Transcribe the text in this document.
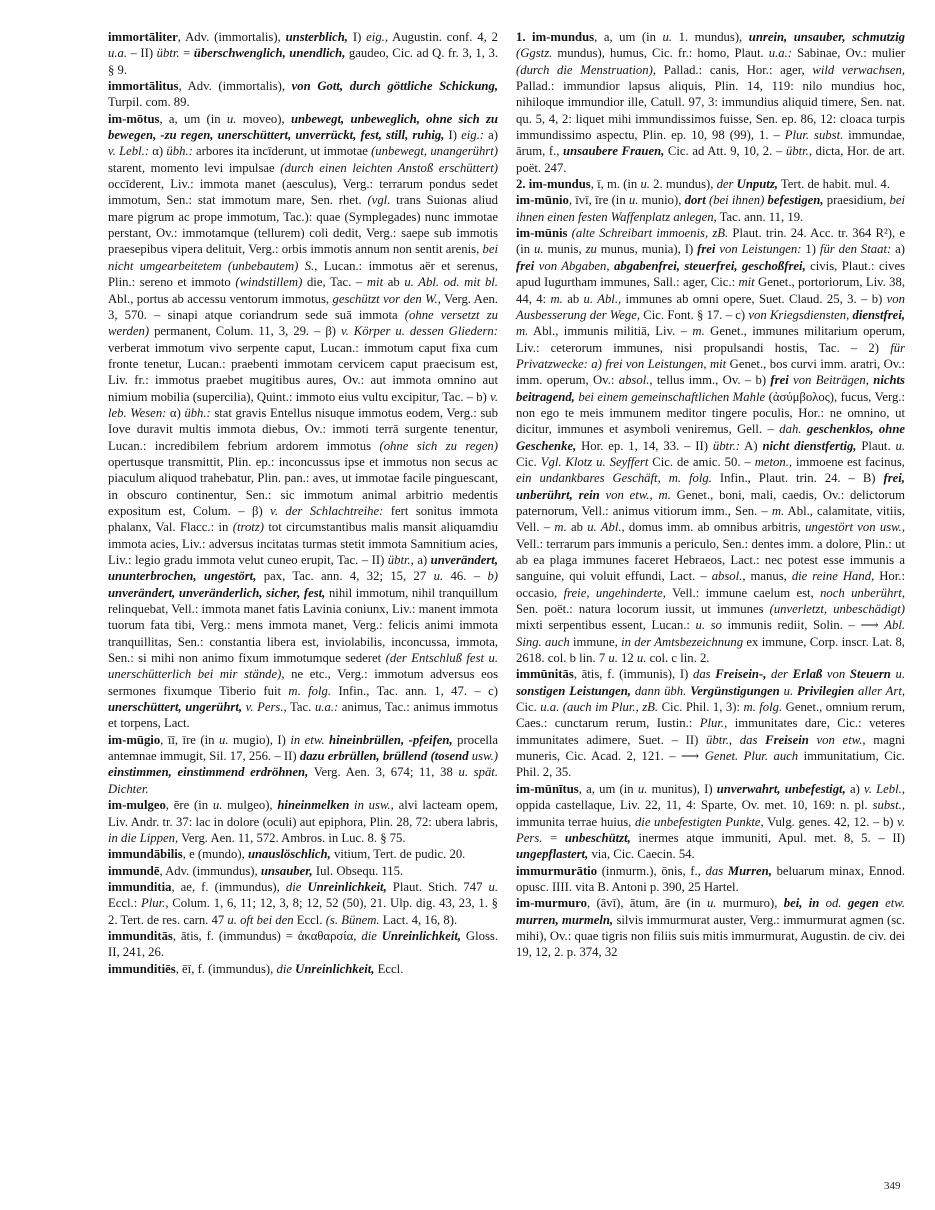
immortāliter, Adv. (immortalis), unsterblich, I) eig., Augustin. conf. 4, 2 u.a. – II) übtr. = überschwenglich, unendlich, gaudeo, Cic. ad Q. fr. 3, 1, 3. § 9.

immortālitus, Adv. (immortalis), von Gott, durch göttliche Schickung, Turpil. com. 89.

im-mōtus, a, um (in u. moveo), unbewegt, unbeweglich, ohne sich zu bewegen, -zu regen, unerschüttert, unverrückt, fest, still, ruhig, I) eig.: a) v. Lebl.: α) übh.: arbores ita incīderunt, ut immotae (unbewegt, unangerührt) starent, momento levi impulsae (durch einen leichten Anstoß erschüttert) occīderent, Liv.: immota manet (aesculus), Verg.: terrarum pondus sedet immotum, Sen.: stat immotum mare, Sen. rhet. (vgl. trans Suionas aliud mare pigrum ac prope immotum, Tac.): quae (Symplegades) nunc immotae perstant, Ov.: immotamque (tellurem) coli dedit, Verg.: saepe sub immotis praesepibus vipera delituit, Verg.: orbis immotis annum non sentit arenis, bei nicht umgearbeitetem (unbebautem) S., Lucan.: immotus aër et serenus, Plin.: sereno et immoto (windstillem) die, Tac. – mit ab u. Abl. od. mit bl. Abl., portus ab accessu ventorum immotus, geschützt vor den W., Verg. Aen. 3, 570. – sinapi atque coriandrum sede suā immota (ohne versetzt zu werden) permanent, Colum. 11, 3, 29. – β) v. Körper u. dessen Gliedern: verberat immotum vivo serpente caput, Lucan.: immotum caput fixa cum fronte tenetur, Lucan.: praebenti immotam cervicem caput praecisum est, Liv. fr.: immotus praebet mugitibus aures, Ov.: aut immota omnino aut nimium mobilia (supercilia), Quint.: immoto eius vultu excipitur, Tac. – b) v. leb. Wesen: α) übh.: stat gravis Entellus nisuque immotus eodem, Verg.: sub Iove duravit multis immota diebus, Ov.: immoti terrā surgente tenentur, Lucan.: incredibilem febrium ardorem immotus (ohne sich zu regen) opertusque transmittit, Plin. ep.: inconcussus ipse et immotus non secus ac piaculum aliquod trahebatur, Plin. pan.: aves, ut immotae facile pinguescant, in obscuro continentur, Sen.: sic immotum animal arbitrio medentis expositum est, Colum. – β) v. der Schlachtreihe: fert sonitus immota phalanx, Val. Flacc.: in (trotz) tot circumstantibus malis mansit aliquamdiu immota acies, Liv.: adversus incitatas turmas stetit immota Samnitium acies, Liv.: legio gradu immota velut cuneo erupit, Tac. – II) übtr., a) unverändert, ununterbrochen, ungestört, pax, Tac. ann. 4, 32; 15, 27 u. 46. – b) unverändert, unveränderlich, sicher, fest, nihil immotum, nihil tranquillum relinquebat, Vell.: immota manet fatis Lavinia coniunx, Liv.: manent immota tuorum fata tibi, Verg.: mens immota manet, Verg.: felicis animi immota tranquillitas, Sen.: constantia libera est, inviolabilis, inconcussa, immota, Sen.: si mihi non animo fixum immotumque sederet (der Entschluß fest u. unerschütterlich bei mir stände), ne etc., Verg.: immotum adversus eos sermones fixumque Tiberio fuit m. folg. Infin., Tac. ann. 1, 47. – c) unerschüttert, ungerührt, v. Pers., Tac. u.a.: animus, Tac.: animus immotus et torpens, Lact.

im-mūgio, īī, īre (in u. mugio), I) in etw. hineinbrüllen, -pfeifen, procella antemnae immugit, Sil. 17, 256. – II) dazu erbrüllen, brüllend (tosend usw.) einstimmen, einstimmend erdröhnen, Verg. Aen. 3, 674; 11, 38 u. spät. Dichter.

im-mulgeo, ēre (in u. mulgeo), hineinmelken in usw., alvi lacteam opem, Liv. Andr. tr. 37: lac in dolore (oculi) aut epiphora, Plin. 28, 72: ubera labris, in die Lippen, Verg. Aen. 11, 572. Ambros. in Luc. 8. § 75.

immundābilis, e (mundo), unauslöschlich, vitium, Tert. de pudic. 20.

immundē, Adv. (immundus), unsauber, Iul. Obsequ. 115.

immunditia, ae, f. (immundus), die Unreinlichkeit, Plaut. Stich. 747 u. Eccl.: Plur., Colum. 1, 6, 11; 12, 3, 8; 12, 52 (50), 21. Ulp. dig. 43, 23, 1. § 2. Tert. de res. carn. 47 u. oft bei den Eccl. (s. Bünem. Lact. 4, 16, 8).

immunditās, ātis, f. (immundus) = ἀκαθαρσία, die Unreinlichkeit, Gloss. II, 241, 26.

immunditiēs, ēī, f. (immundus), die Unreinlichkeit, Eccl.

1. im-mundus, a, um (in u. 1. mundus), unrein, unsauber, schmutzig (Ggstz. mundus), humus, Cic. fr.: homo, Plaut. u.a.: Sabinae, Ov.: mulier (durch die Menstruation), Pallad.: canis, Hor.: ager, wild verwachsen, Pallad.: immundior lapsus aliquis, Plin. 14, 119: nilo mundius hoc, nihiloque immundior ille, Catull. 97, 3: immundius aliquid timere, Sen. nat. qu. 5, 4, 2: liquet mihi immundissimos fuisse, Sen. ep. 86, 12: cloaca turpis immundissimo aspectu, Plin. ep. 10, 98 (99), 1. – Plur. subst. immundae, ārum, f., unsaubere Frauen, Cic. ad Att. 9, 10, 2. – übtr., dicta, Hor. de art. poët. 247.

2. im-mundus, ī, m. (in u. 2. mundus), der Unputz, Tert. de habit. mul. 4.

im-mūnio, īvī, īre (in u. munio), dort (bei ihnen) befestigen, praesidium, bei ihnen einen festen Waffenplatz anlegen, Tac. ann. 11, 19.

im-mūnis (alte Schreibart immoenis, zB. Plaut. trin. 24. Acc. tr. 364 R²), e (in u. munis, zu munus, munia), I) frei von Leistungen: 1) für den Staat: a) frei von Abgaben, abgabenfrei, steuerfrei, geschoßfrei, civis, Plaut.: cives apud Iugurtham immunes, Sall.: ager, Cic.: mit Genet., portoriorum, Liv. 38, 44, 4: m. ab u. Abl., immunes ab omni opere, Suet. Claud. 25, 3. – b) von Ausbesserung der Wege, Cic. Font. § 17. – c) von Kriegsdiensten, dienstfrei, m. Abl., immunis militiā, Liv. – m. Genet., immunes militarium operum, Liv.: ceterorum immunes, nisi propulsandi hostis, Tac. – 2) für Privatzwecke: a) frei von Leistungen, mit Genet., bos curvi imm. aratri, Ov.: imm. operum, Ov.: absol., tellus imm., Ov. – b) frei von Beiträgen, nichts beitragend, bei einem gemeinschaftlichen Mahle (ἀσύμβολος), fucus, Verg.: non ego te meis immunem meditor tingere poculis, Hor.: ne omnino, ut dicitur, immunes et asymboli veniremus, Gell. – dah. geschenklos, ohne Geschenke, Hor. ep. 1, 14, 33. – II) übtr.: A) nicht dienstfertig, Plaut. u. Cic. Vgl. Klotz u. Seyffert Cic. de amic. 50. – meton., immoene est facinus, ein undankbares Geschäft, m. folg. Infin., Plaut. trin. 24. – B) frei, unberührt, rein von etw., m. Genet., boni, mali, caedis, Ov.: delictorum paternorum, Vell.: animus vitiorum imm., Sen. – m. Abl., calamitate, vitiis, Vell. – m. ab u. Abl., domus imm. ab omnibus arbitris, ungestört von usw., Vell.: terrarum pars immunis a periculo, Sen.: dentes imm. a dolore, Plin.: ut ab ea plaga immunes faceret Hebraeos, Lact.: nec potest esse immunis a sanguine, qui voluit effundi, Lact. – absol., manus, die reine Hand, Hor.: occasio, freie, ungehinderte, Vell.: immune caelum est, noch unberührt, Sen. poët.: natura locorum iussit, ut immunes (unverletzt, unbeschädigt) mixti serpentibus essent, Lucan.: u. so immunis rediit, Solin. – ⟶ Abl. Sing. auch immune, in der Amtsbezeichnung ex immune, Corp. inscr. Lat. 8, 2618. col. b lin. 7 u. 12 u. col. c lin. 2.

immūnitās, ātis, f. (immunis), I) das Freisein-, der Erlaß von Steuern u. sonstigen Leistungen, dann übh. Vergünstigungen u. Privilegien aller Art, Cic. u.a. (auch im Plur., zB. Cic. Phil. 1, 3): m. folg. Genet., omnium rerum, Caes.: cunctarum rerum, Iustin.: Plur., immunitates dare, Cic.: veteres immunitates adimere, Suet. – II) übtr., das Freisein von etw., magni muneris, Cic. Acad. 2, 121. – ⟶ Genet. Plur. auch immunitatium, Cic. Phil. 2, 35.

im-mūnītus, a, um (in u. munitus), I) unverwahrt, unbefestigt, a) v. Lebl., oppida castellaque, Liv. 22, 11, 4: Sparte, Ov. met. 10, 169: n. pl. subst., immunita terrae huius, die unbefestigten Punkte, Vulg. genes. 42, 12. – b) v. Pers. = unbeschützt, inermes atque immuniti, Apul. met. 8, 5. – II) ungepflastert, via, Cic. Caecin. 54.

immurmurātio (inmurm.), ōnis, f., das Murren, beluarum minax, Ennod. opusc. IIII. vita B. Antoni p. 390, 25 Hartel.

im-murmuro, (āvī), ātum, āre (in u. murmuro), bei, in od. gegen etw. murren, murmeln, silvis immurmurat auster, Verg.: immurmurat agmen (sc. mihi), Ov.: quae tigris non filiis suis mitis immurmurat, Augustin. de civ. dei 19, 12, 2. p. 374, 32

349
